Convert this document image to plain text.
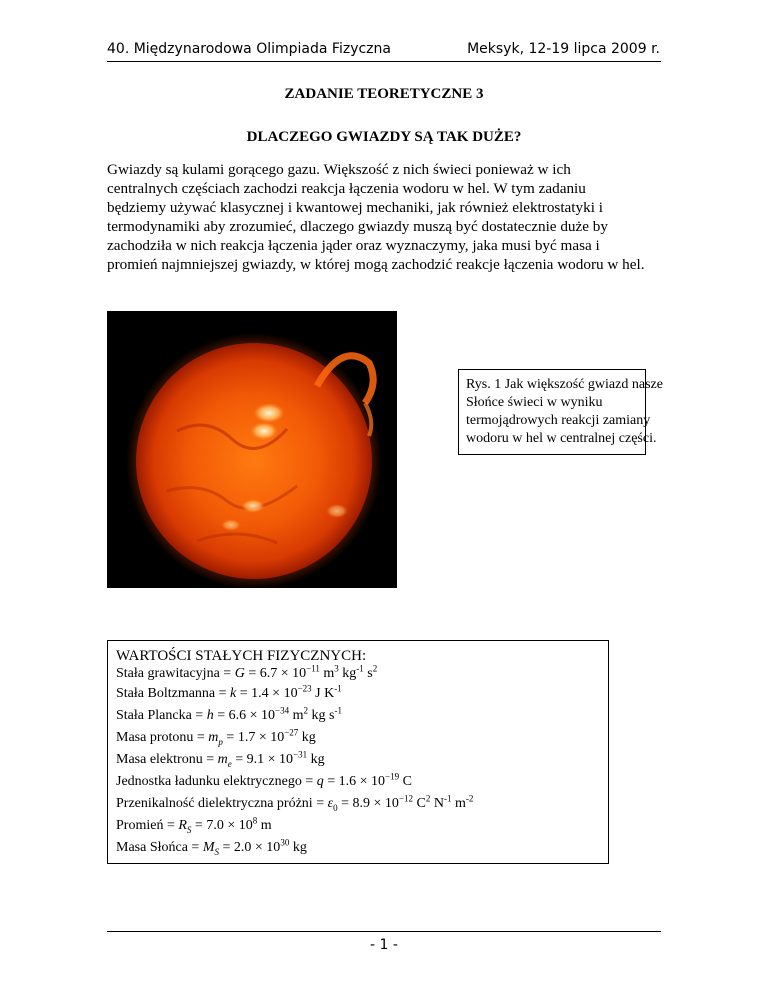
40. Międzynarodowa Olimpiada Fizyczna	Meksyk, 12-19 lipca 2009 r.
ZADANIE TEORETYCZNE 3
DLACZEGO GWIAZDY SĄ TAK DUŻE?
Gwiazdy są kulami gorącego gazu. Większość z nich świeci ponieważ w ich
centralnych częściach zachodzi reakcja łączenia wodoru w hel. W tym zadaniu
będziemy używać klasycznej i kwantowej mechaniki, jak również elektrostatyki i
termodynamiki aby zrozumieć, dlaczego gwiazdy muszą być dostatecznie duże by
zachodziła w nich reakcja łączenia jąder oraz wyznaczymy, jaka musi być masa i
promień najmniejszej gwiazdy, w której mogą zachodzić reakcje łączenia wodoru w hel.
Rys. 1 Jak większość gwiazd nasze
Słońce świeci w wyniku
termojądrowych reakcji zamiany
wodoru w hel w centralnej części.
WARTOŚCI STAŁYCH FIZYCZNYCH:
Stała grawitacyjna = $G = 6.7 \times 10^{-11}$ $m^3$ $kg^{-1}$ $s^2$
Stała Boltzmanna = $k = 1.4 \times 10^{-23}$ J $K^{-1}$
Stała Plancka = $h = 6.6 \times 10^{-34}$ $m^2$ kg $s^{-1}$
Masa protonu = $m_p = 1.7 \times 10^{-27}$ kg
Masa elektronu = $m_e = 9.1 \times 10^{-31}$ kg
Jednostka ładunku elektrycznego = $q = 1.6 \times 10^{-19}$ C
Przenikalność dielektryczna próżni = $\varepsilon_0 = 8.9 \times 10^{-12}$ $C^2$ $N^{-1}$ $m^{-2}$
Promień = $R_S = 7.0 \times 10^8$ m
Masa Słońca = $M_S = 2.0 \times 10^{30}$ kg
- 1 -
